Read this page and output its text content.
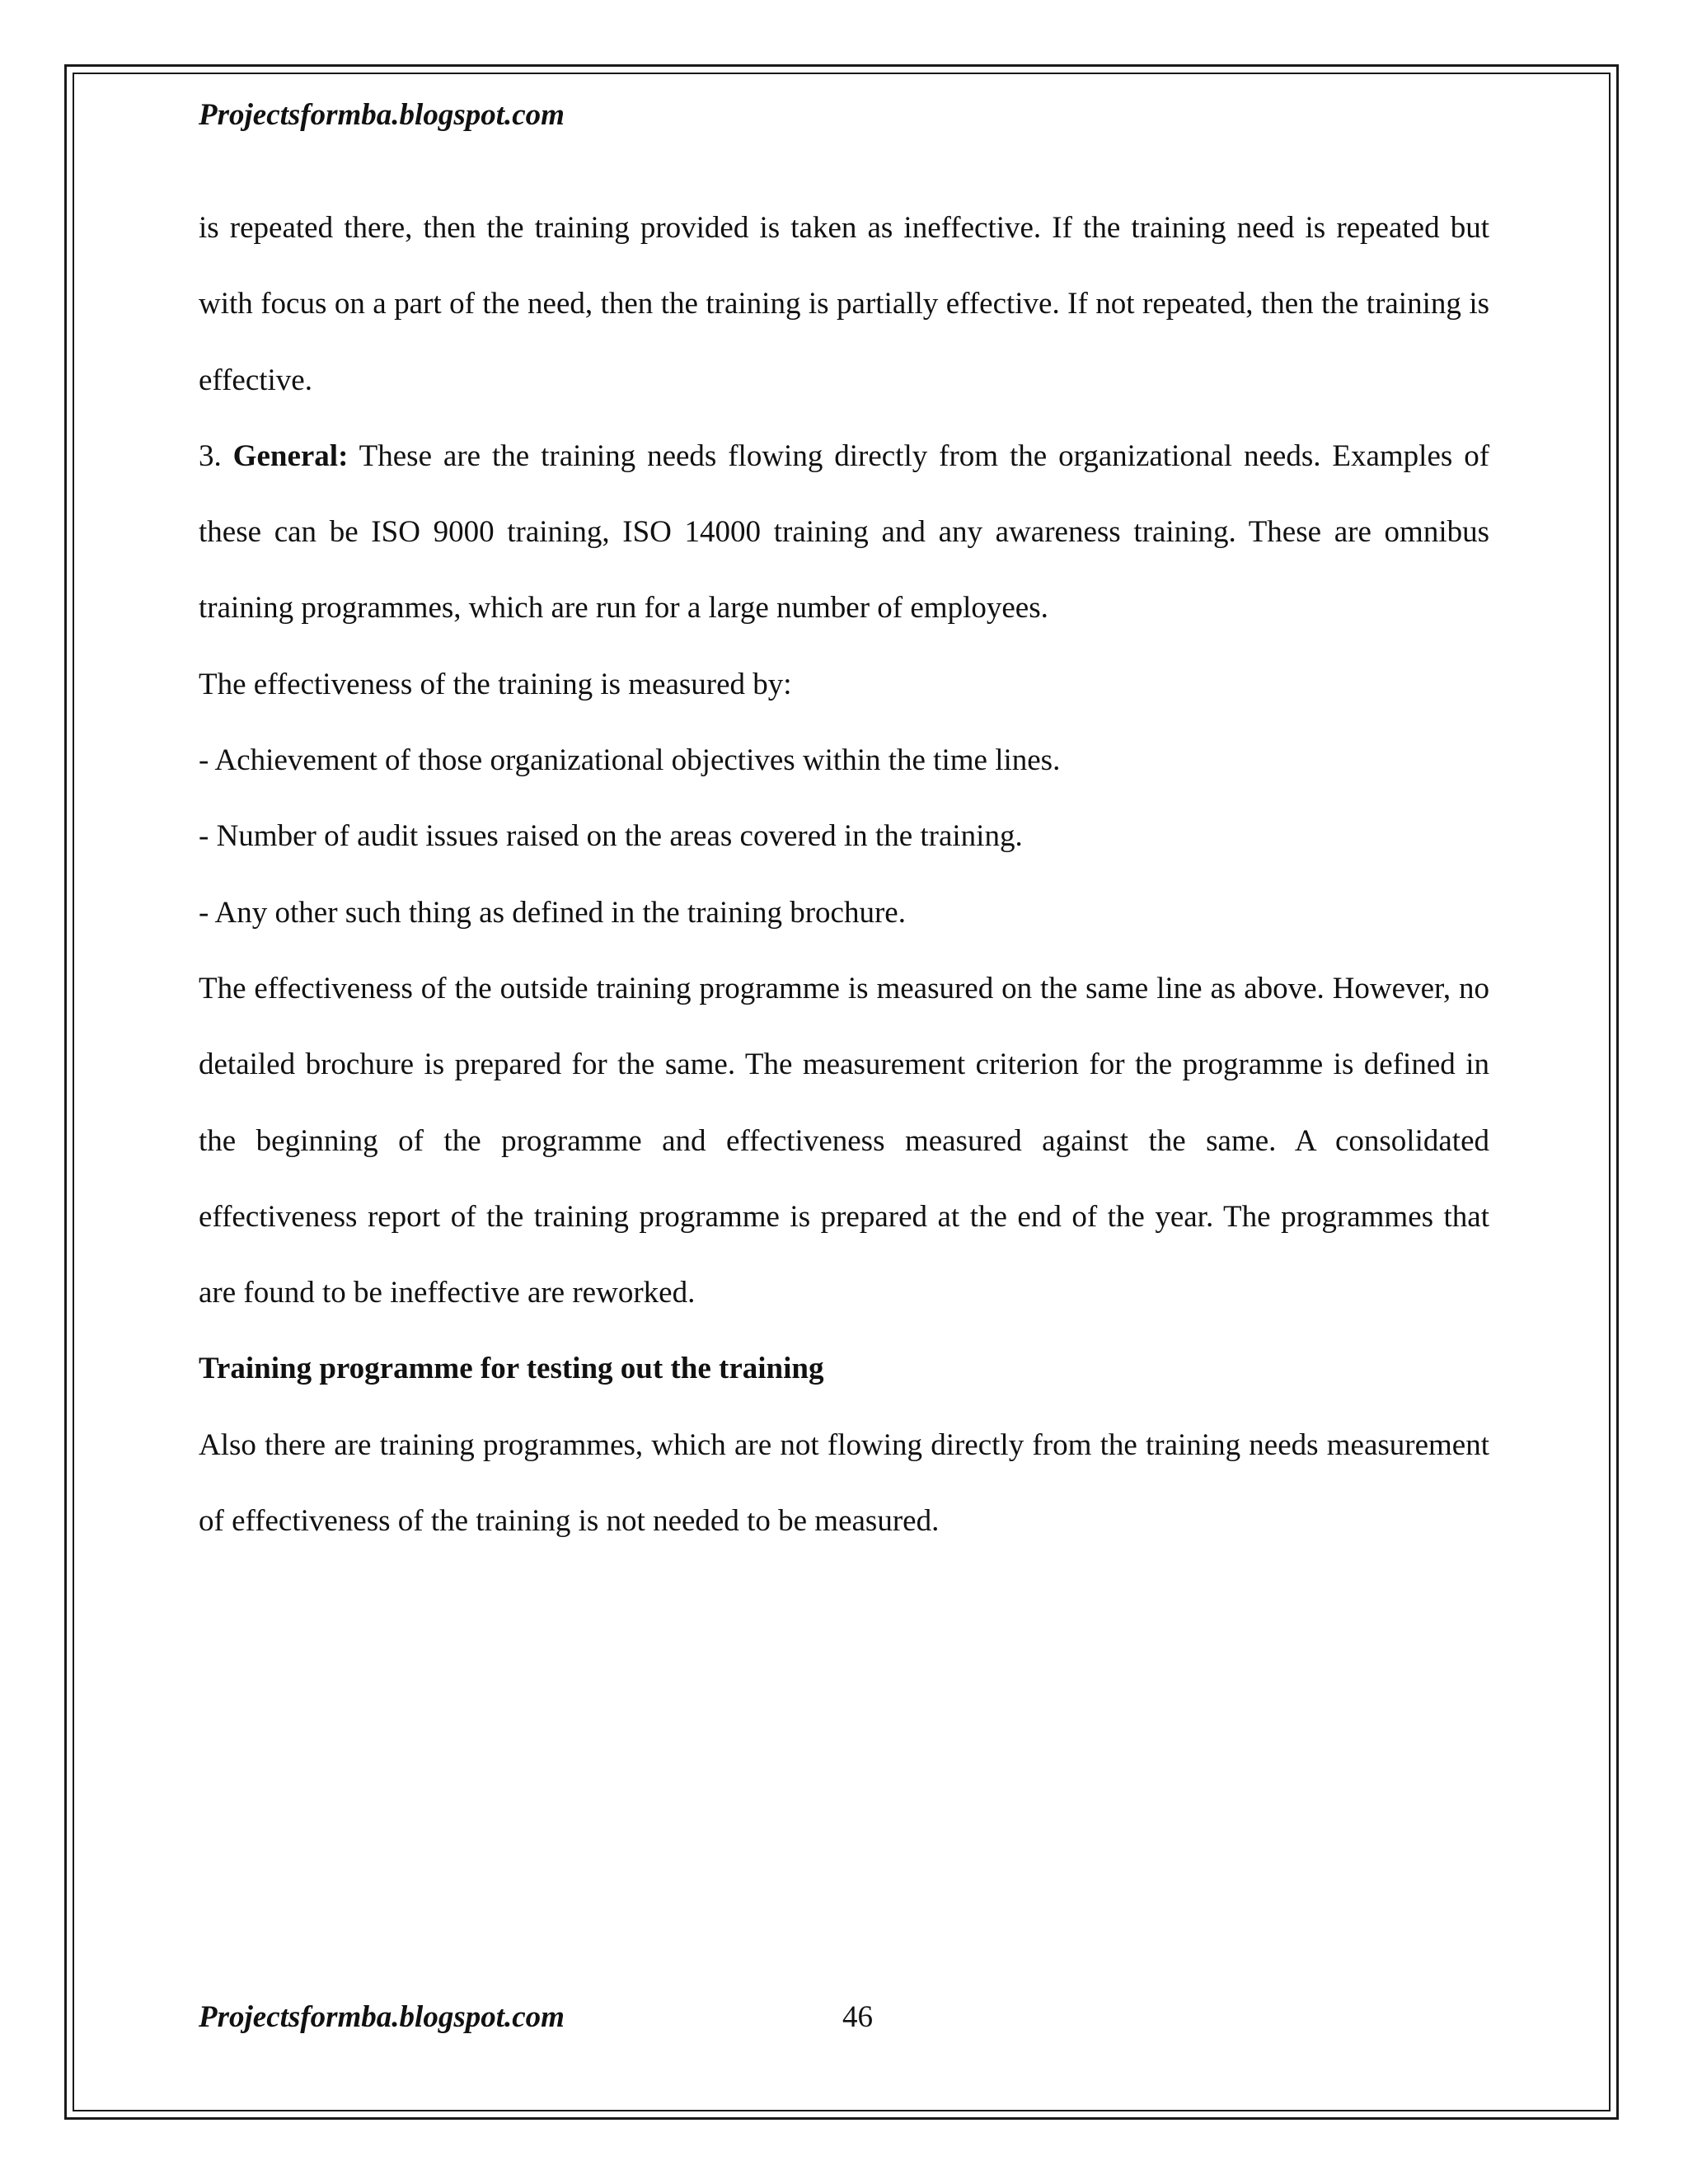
Projectsformba.blogspot.com

is repeated there, then the training provided is taken as ineffective. If the training need is repeated but with focus on a part of the need, then the training is partially effective. If not repeated, then the training is effective.

3. General: These are the training needs flowing directly from the organizational needs. Examples of these can be ISO 9000 training, ISO 14000 training and any awareness training. These are omnibus training programmes, which are run for a large number of employees.

The effectiveness of the training is measured by:

- Achievement of those organizational objectives within the time lines.

- Number of audit issues raised on the areas covered in the training.

- Any other such thing as defined in the training brochure.

The effectiveness of the outside training programme is measured on the same line as above. However, no detailed brochure is prepared for the same. The measurement criterion for the programme is defined in the beginning of the programme and effectiveness measured against the same. A consolidated effectiveness report of the training programme is prepared at the end of the year. The programmes that are found to be ineffective are reworked.

Training programme for testing out the training

Also there are training programmes, which are not flowing directly from the training needs measurement of effectiveness of the training is not needed to be measured.

Projectsformba.blogspot.com	46
